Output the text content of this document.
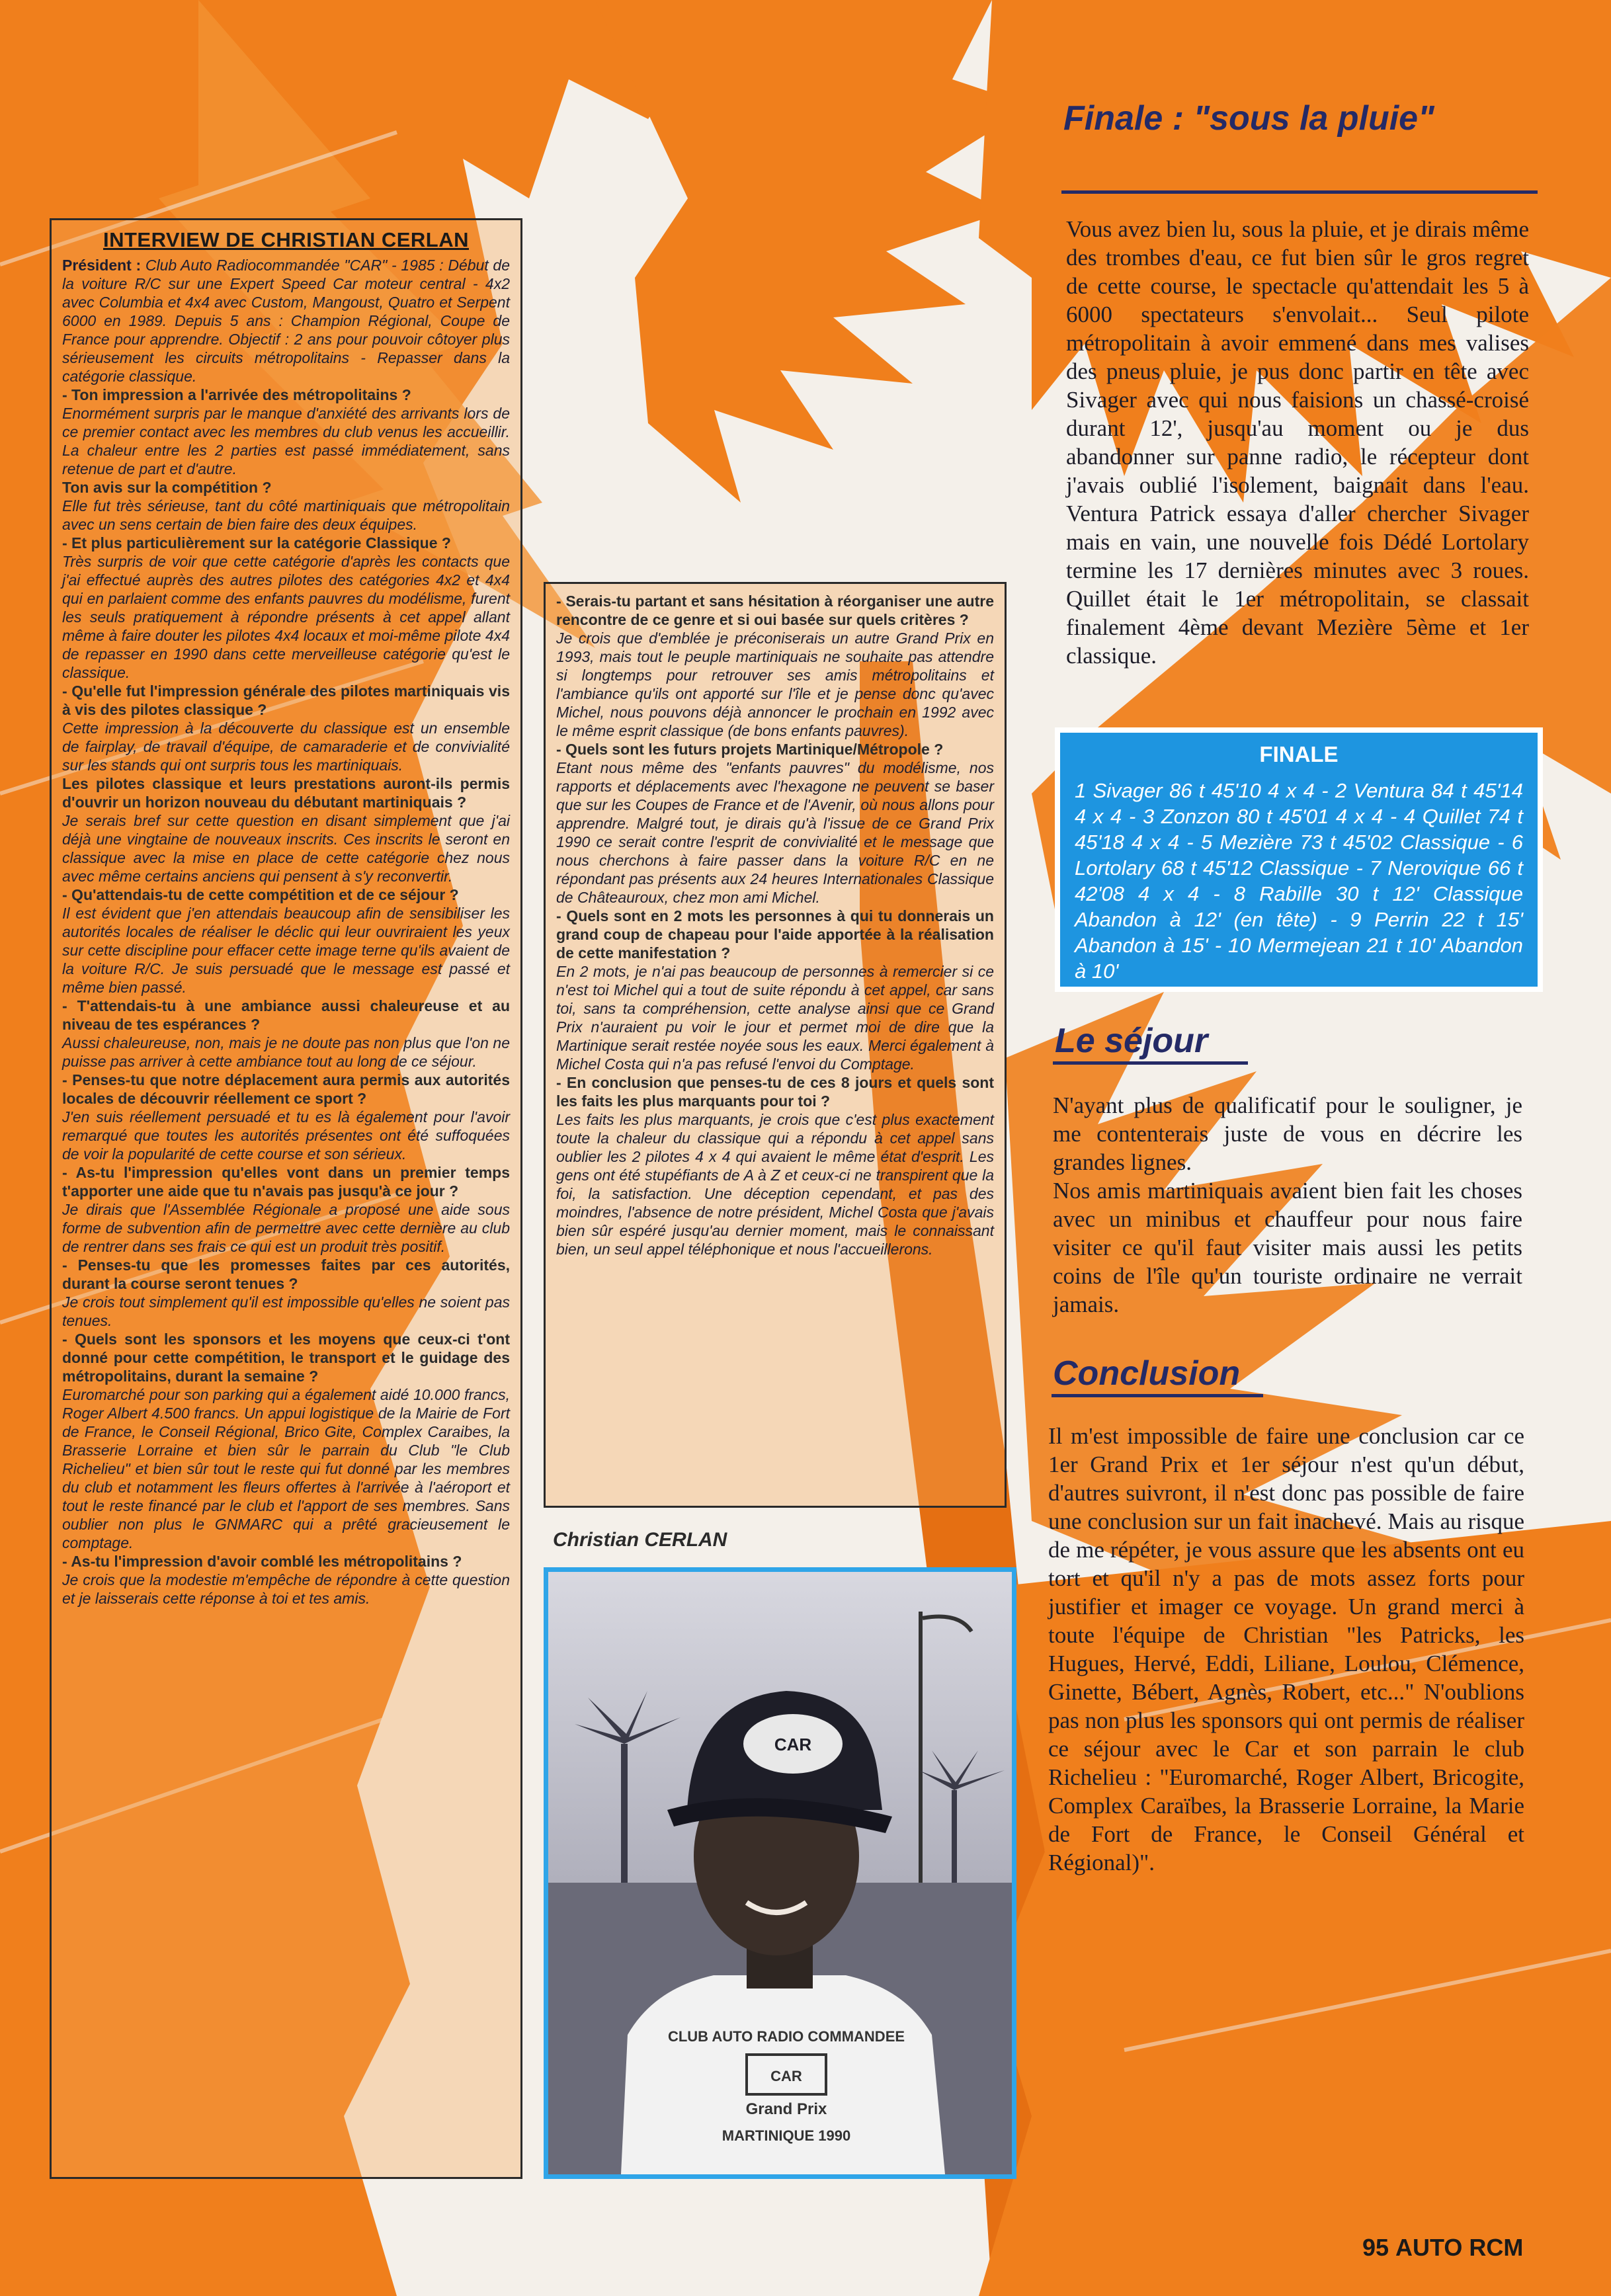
INTERVIEW DE CHRISTIAN CERLAN

Président : Club Auto Radiocommandée "CAR" - 1985 : Début de la voiture R/C sur une Expert Speed Car moteur central - 4x2 avec Columbia et 4x4 avec Custom, Mangoust, Quatro et Serpent 6000 en 1989. Depuis 5 ans : Champion Régional, Coupe de France pour apprendre. Objectif : 2 ans pour pouvoir côtoyer plus sérieusement les circuits métropolitains - Repasser dans la catégorie classique.

- Ton impression a l'arrivée des métropolitains ?

Enormément surpris par le manque d'anxiété des arrivants lors de ce premier contact avec les membres du club venus les accueillir. La chaleur entre les 2 parties est passé immédiatement, sans retenue de part et d'autre.

Ton avis sur la compétition ?

Elle fut très sérieuse, tant du côté martiniquais que métropolitain avec un sens certain de bien faire des deux équipes.

- Et plus particulièrement sur la catégorie Classique ?

Très surpris de voir que cette catégorie d'après les contacts que j'ai effectué auprès des autres pilotes des catégories 4x2 et 4x4 qui en parlaient comme des enfants pauvres du modélisme, furent les seuls pratiquement à répondre présents à cet appel allant même à faire douter les pilotes 4x4 locaux et moi-même pilote 4x4 de repasser en 1990 dans cette merveilleuse catégorie qu'est le classique.

- Qu'elle fut l'impression générale des pilotes martiniquais vis à vis des pilotes classique ?

Cette impression à la découverte du classique est un ensemble de fairplay, de travail d'équipe, de camaraderie et de convivialité sur les stands qui ont surpris tous les martiniquais.

Les pilotes classique et leurs prestations auront-ils permis d'ouvrir un horizon nouveau du débutant martiniquais ?

Je serais bref sur cette question en disant simplement que j'ai déjà une vingtaine de nouveaux inscrits. Ces inscrits le seront en classique avec la mise en place de cette catégorie chez nous avec même certains anciens qui pensent à s'y reconvertir.

- Qu'attendais-tu de cette compétition et de ce séjour ?

Il est évident que j'en attendais beaucoup afin de sensibiliser les autorités locales de réaliser le déclic qui leur ouvriraient les yeux sur cette discipline pour effacer cette image terne qu'ils avaient de la voiture R/C. Je suis persuadé que le message est passé et même bien passé.

- T'attendais-tu à une ambiance aussi chaleureuse et au niveau de tes espérances ?

Aussi chaleureuse, non, mais je ne doute pas non plus que l'on ne puisse pas arriver à cette ambiance tout au long de ce séjour.

- Penses-tu que notre déplacement aura permis aux autorités locales de découvrir réellement ce sport ?

J'en suis réellement persuadé et tu es là également pour l'avoir remarqué que toutes les autorités présentes ont été suffoquées de voir la popularité de cette course et son sérieux.

- As-tu l'impression qu'elles vont dans un premier temps t'apporter une aide que tu n'avais pas jusqu'à ce jour ?

Je dirais que l'Assemblée Régionale a proposé une aide sous forme de subvention afin de permettre avec cette dernière au club de rentrer dans ses frais ce qui est un produit très positif.

- Penses-tu que les promesses faites par ces autorités, durant la course seront tenues ?

Je crois tout simplement qu'il est impossible qu'elles ne soient pas tenues.

- Quels sont les sponsors et les moyens que ceux-ci t'ont donné pour cette compétition, le transport et le guidage des métropolitains, durant la semaine ?

Euromarché pour son parking qui a également aidé 10.000 francs, Roger Albert 4.500 francs. Un appui logistique de la Mairie de Fort de France, le Conseil Régional, Brico Gite, Complex Caraibes, la Brasserie Lorraine et bien sûr le parrain du Club "le Club Richelieu" et bien sûr tout le reste qui fut donné par les membres du club et notamment les fleurs offertes à l'arrivée à l'aéroport et tout le reste financé par le club et l'apport de ses membres. Sans oublier non plus le GNMARC qui a prêté gracieusement le comptage.

- As-tu l'impression d'avoir comblé les métropolitains ?

Je crois que la modestie m'empêche de répondre à cette question et je laisserais cette réponse à toi et tes amis.

- Serais-tu partant et sans hésitation à réorganiser une autre rencontre de ce genre et si oui basée sur quels critères ?

Je crois que d'emblée je préconiserais un autre Grand Prix en 1993, mais tout le peuple martiniquais ne souhaite pas attendre si longtemps pour retrouver ses amis métropolitains et l'ambiance qu'ils ont apporté sur l'île et je pense donc qu'avec Michel, nous pouvons déjà annoncer le prochain en 1992 avec le même esprit classique (de bons enfants pauvres).

- Quels sont les futurs projets Martinique/Métropole ?

Etant nous même des "enfants pauvres" du modélisme, nos rapports et déplacements avec l'hexagone ne peuvent se baser que sur les Coupes de France et de l'Avenir, où nous allons pour apprendre. Malgré tout, je dirais qu'à l'issue de ce Grand Prix 1990 ce serait contre l'esprit de convivialité et le message que nous cherchons à faire passer dans la voiture R/C en ne répondant pas présents aux 24 heures Internationales Classique de Châteauroux, chez mon ami Michel.

- Quels sont en 2 mots les personnes à qui tu donnerais un grand coup de chapeau pour l'aide apportée à la réalisation de cette manifestation ?

En 2 mots, je n'ai pas beaucoup de personnes à remercier si ce n'est toi Michel qui a tout de suite répondu à cet appel, car sans toi, sans ta compréhension, cette analyse ainsi que ce Grand Prix n'auraient pu voir le jour et permet moi de dire que la Martinique serait restée noyée sous les eaux. Merci également à Michel Costa qui n'a pas refusé l'envoi du Comptage.

- En conclusion que penses-tu de ces 8 jours et quels sont les faits les plus marquants pour toi ?

Les faits les plus marquants, je crois que c'est plus exactement toute la chaleur du classique qui a répondu à cet appel sans oublier les 2 pilotes 4 x 4 qui avaient le même état d'esprit. Les gens ont été stupéfiants de A à Z et ceux-ci ne transpirent que la foi, la satisfaction. Une déception cependant, et pas des moindres, l'absence de notre président, Michel Costa que j'avais bien sûr espéré jusqu'au dernier moment, mais le connaissant bien, un seul appel téléphonique et nous l'accueillerons.

Christian CERLAN
CAR
CLUB AUTO RADIO COMMANDEE
CAR
Grand Prix
MARTINIQUE 1990
Finale : "sous la pluie"

Vous avez bien lu, sous la pluie, et je dirais même des trombes d'eau, ce fut bien sûr le gros regret de cette course, le spectacle qu'attendait les 5 à 6000 spectateurs s'envolait... Seul pilote métropolitain à avoir emmené dans mes valises des pneus pluie, je pus donc partir en tête avec Sivager avec qui nous faisions un chassé-croisé durant 12', jusqu'au moment ou je dus abandonner sur panne radio, le récepteur dont j'avais oublié l'isolement, baignait dans l'eau. Ventura Patrick essaya d'aller chercher Sivager mais en vain, une nouvelle fois Dédé Lortolary termine les 17 dernières minutes avec 3 roues. Quillet était le 1er métropolitain, se classait finalement 4ème devant Mezière 5ème et 1er classique.

FINALE

1 Sivager 86 t 45'10 4 x 4 - 2 Ventura 84 t 45'14 4 x 4 - 3 Zonzon 80 t 45'01 4 x 4 - 4 Quillet 74 t 45'18 4 x 4 - 5 Mezière 73 t 45'02 Classique - 6 Lortolary 68 t 45'12 Classique - 7 Nerovique 66 t 42'08 4 x 4 - 8 Rabille 30 t 12' Classique Abandon à 12' (en tête) - 9 Perrin 22 t 15' Abandon à 15' - 10 Mermejean 21 t 10' Abandon à 10'

Le séjour
N'ayant plus de qualificatif pour le souligner, je me contenterais juste de vous en décrire les grandes lignes.
Nos amis martiniquais avaient bien fait les choses avec un minibus et chauffeur pour nous faire visiter ce qu'il faut visiter mais aussi les petits coins de l'île qu'un touriste ordinaire ne verrait jamais.
Conclusion

Il m'est impossible de faire une conclusion car ce 1er Grand Prix et 1er séjour n'est qu'un début, d'autres suivront, il n'est donc pas possible de faire une conclusion sur un fait inachevé. Mais au risque de me répéter, je vous assure que les absents ont eu tort et qu'il n'y a pas de mots assez forts pour justifier et imager ce voyage. Un grand merci à toute l'équipe de Christian "les Patricks, les Hugues, Hervé, Eddi, Liliane, Loulou, Clémence, Ginette, Bébert, Agnès, Robert, etc..." N'oublions pas non plus les sponsors qui ont permis de réaliser ce séjour avec le Car et son parrain le club Richelieu : "Euromarché, Roger Albert, Bricogite, Complex Caraïbes, la Brasserie Lorraine, la Marie de Fort de France, le Conseil Général et Régional)".

95 AUTO RCM
